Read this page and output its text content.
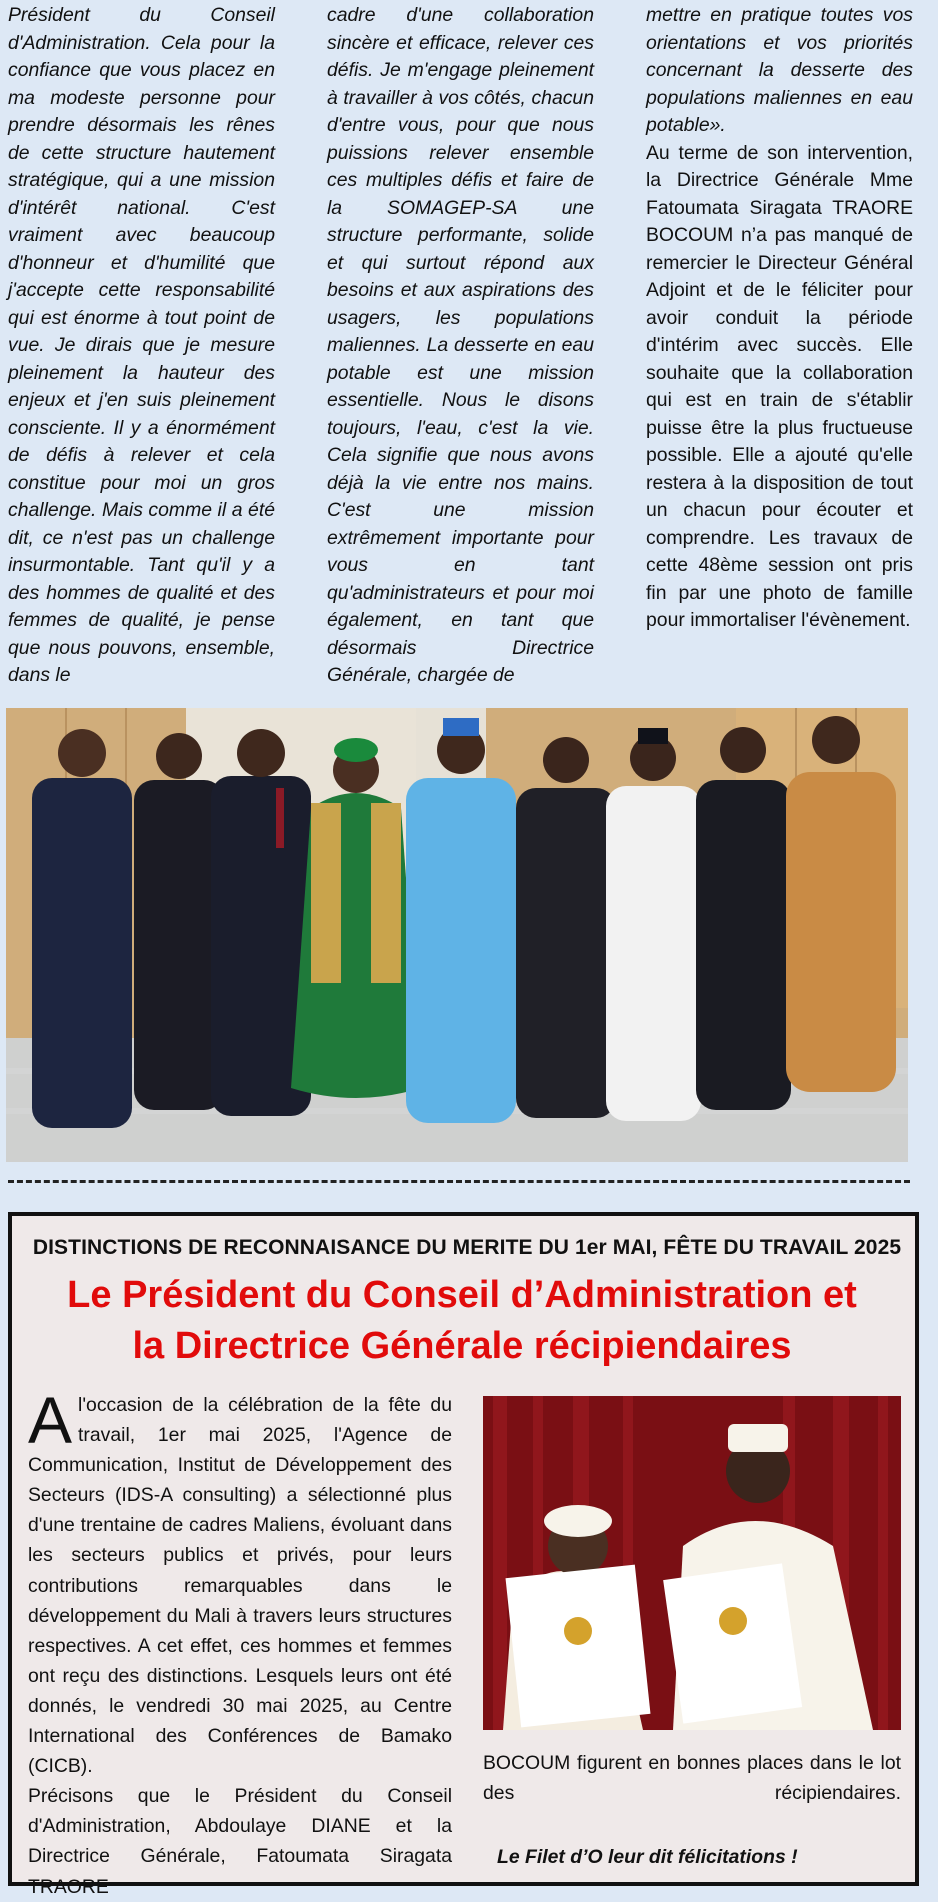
Président du Conseil d'Administration. Cela pour la confiance que vous placez en ma modeste personne pour prendre désormais les rênes de cette structure hautement stratégique, qui a une mission d'intérêt national. C'est vraiment avec beaucoup d'honneur et d'humilité que j'accepte cette responsabilité qui est énorme à tout point de vue. Je dirais que je mesure pleinement la hauteur des enjeux et j'en suis pleinement consciente. Il y a énormément de défis à relever et cela constitue pour moi un gros challenge. Mais comme il a été dit, ce n'est pas un challenge insurmontable. Tant qu'il y a des hommes de qualité et des femmes de qualité, je pense que nous pouvons, ensemble, dans le

cadre d'une collaboration sincère et efficace, relever ces défis. Je m'engage pleinement à travailler à vos côtés, chacun d'entre vous, pour que nous puissions relever ensemble ces multiples défis et faire de la SOMAGEP-SA une structure performante, solide et qui surtout répond aux besoins et aux aspirations des usagers, les populations maliennes. La desserte en eau potable est une mission essentielle. Nous le disons toujours, l'eau, c'est la vie. Cela signifie que nous avons déjà la vie entre nos mains. C'est une mission extrêmement importante pour vous en tant qu'administrateurs et pour moi également, en tant que désormais Directrice Générale, chargée de

mettre en pratique toutes vos orientations et vos priorités concernant la desserte des populations maliennes en eau potable».

Au terme de son intervention, la Directrice Générale Mme Fatoumata Siragata TRAORE BOCOUM n’a pas manqué de remercier le Directeur Général Adjoint et de le féliciter pour avoir conduit la période d'intérim avec succès. Elle souhaite que la collaboration qui est en train de s'établir puisse être la plus fructueuse possible. Elle a ajouté qu'elle restera à la disposition de tout un chacun pour écouter et comprendre. Les travaux de cette 48ème session ont pris fin par une photo de famille pour immortaliser l'évènement.

DISTINCTIONS DE RECONNAISANCE DU MERITE DU 1er MAI, FÊTE DU TRAVAIL 2025
Le Président du Conseil d’Administration et
la Directrice Générale récipiendaires

Al'occasion de la célébration de la fête du travail, 1er mai 2025, l'Agence de Communication, Institut de Développement des Secteurs (IDS-A consulting) a sélectionné plus d'une trentaine de cadres Maliens, évoluant dans les secteurs publics et privés, pour leurs contributions remarquables dans le développement du Mali à travers leurs structures respectives. A cet effet, ces hommes et femmes ont reçu des distinctions. Lesquels leurs ont été donnés, le vendredi 30 mai 2025, au Centre International des Conférences de Bamako (CICB).

Précisons que le Président du Conseil d'Administration, Abdoulaye DIANE et la Directrice Générale, Fatoumata Siragata TRAORE

BOCOUM figurent en bonnes places dans le lot des récipiendaires.

Le Filet d’O leur dit félicitations !
